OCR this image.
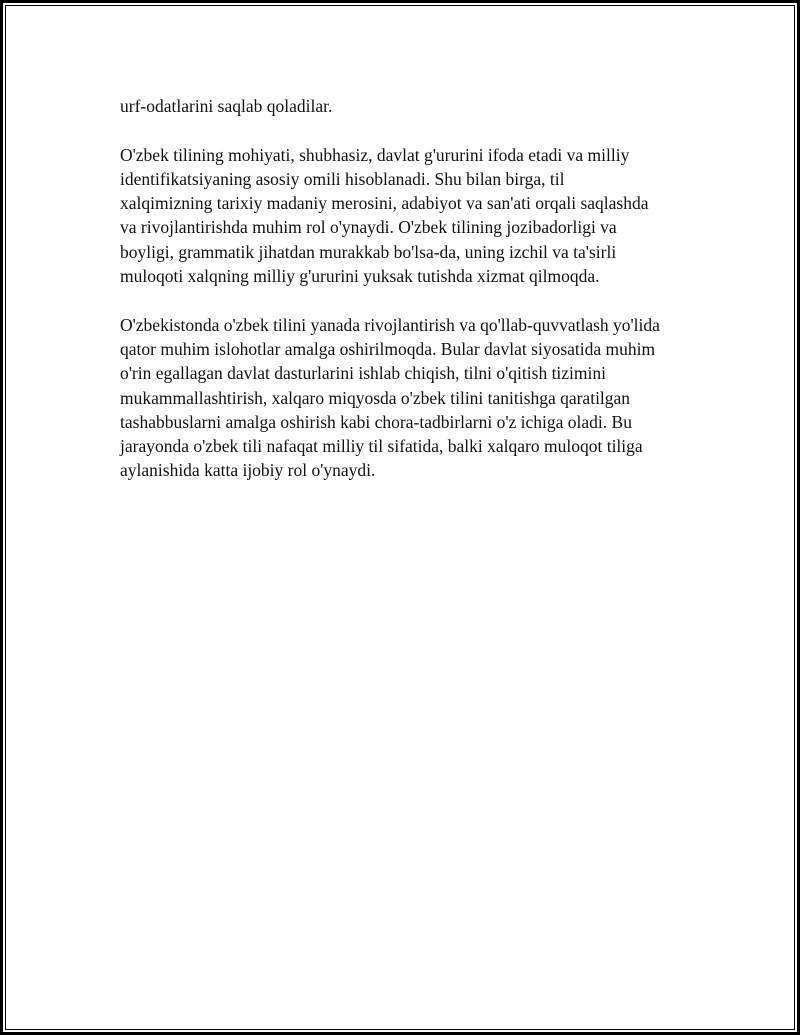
urf-odatlarini saqlab qoladilar.

O'zbek tilining mohiyati, shubhasiz, davlat g'ururini ifoda etadi va milliy
identifikatsiyaning asosiy omili hisoblanadi. Shu bilan birga, til
xalqimizning tarixiy madaniy merosini, adabiyot va san'ati orqali saqlashda
va rivojlantirishda muhim rol o'ynaydi. O'zbek tilining jozibadorligi va
boyligi, grammatik jihatdan murakkab bo'lsa-da, uning izchil va ta'sirli
muloqoti xalqning milliy g'ururini yuksak tutishda xizmat qilmoqda.

O'zbekistonda o'zbek tilini yanada rivojlantirish va qo'llab-quvvatlash yo'lida
qator muhim islohotlar amalga oshirilmoqda. Bular davlat siyosatida muhim
o'rin egallagan davlat dasturlarini ishlab chiqish, tilni o'qitish tizimini
mukammallashtirish, xalqaro miqyosda o'zbek tilini tanitishga qaratilgan
tashabbuslarni amalga oshirish kabi chora-tadbirlarni o'z ichiga oladi. Bu
jarayonda o'zbek tili nafaqat milliy til sifatida, balki xalqaro muloqot tiliga
aylanishida katta ijobiy rol o'ynaydi.
